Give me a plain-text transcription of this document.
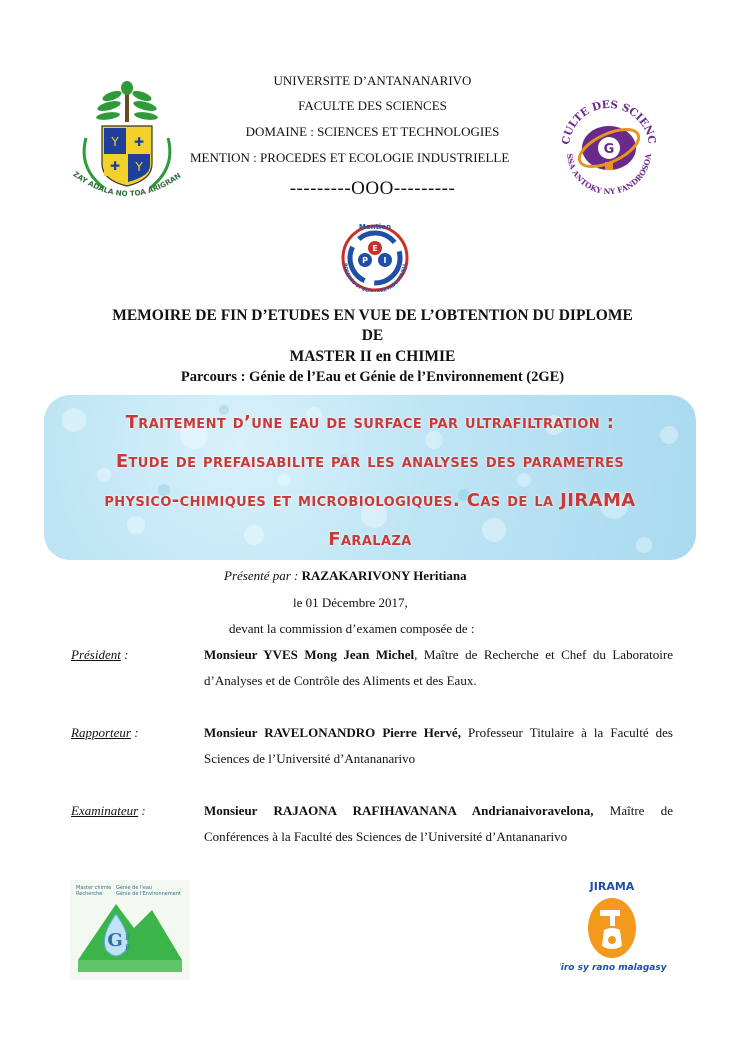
UNIVERSITE D’ANTANANARIVO
FACULTE DES SCIENCES
DOMAINE : SCIENCES ET TECHNOLOGIES
MENTION : PROCEDES ET ECOLOGIE INDUSTRIELLE
---------OOO---------
Y ✚
✚ Y
ZAY ADALA NO TOA ARIGRAN
CULTE DES SCIENC
SSA ANTOKY NY FANDROSOA
G
Mention
ROCEDES ET EC IE INDUSTRIELL
P
E
I
MEMOIRE DE FIN D’ETUDES EN VUE DE L’OBTENTION DU DIPLOME
DE
MASTER II en CHIMIE
Parcours : Génie de l’Eau et Génie de l’Environnement (2GE)
Traitement d’une eau de surface par ultrafiltration :
Etude de prefaisabilite par les analyses des parametres
physico-chimiques et microbiologiques. Cas de la JIRAMA
Faralaza
Présenté par : RAZAKARIVONY Heritiana
le 01 Décembre 2017,
devant la commission d’examen composée de :
Président :	Monsieur YVES Mong Jean Michel, Maître de Recherche et Chef du Laboratoire d’Analyses et de Contrôle des Aliments et des Eaux.
Rapporteur :	Monsieur RAVELONANDRO Pierre Hervé, Professeur Titulaire à la Faculté des Sciences de l’Université d’Antananarivo
Examinateur :	Monsieur RAJAONA RAFIHAVANANA Andrianaivoravelona, Maître de Conférences à la Faculté des Sciences de l’Université d’Antananarivo
Master chimie
Recherche
Génie de l'eau
Génie de l'Environnement
G E
E
JIRAMA
Jiro sy rano malagasy
